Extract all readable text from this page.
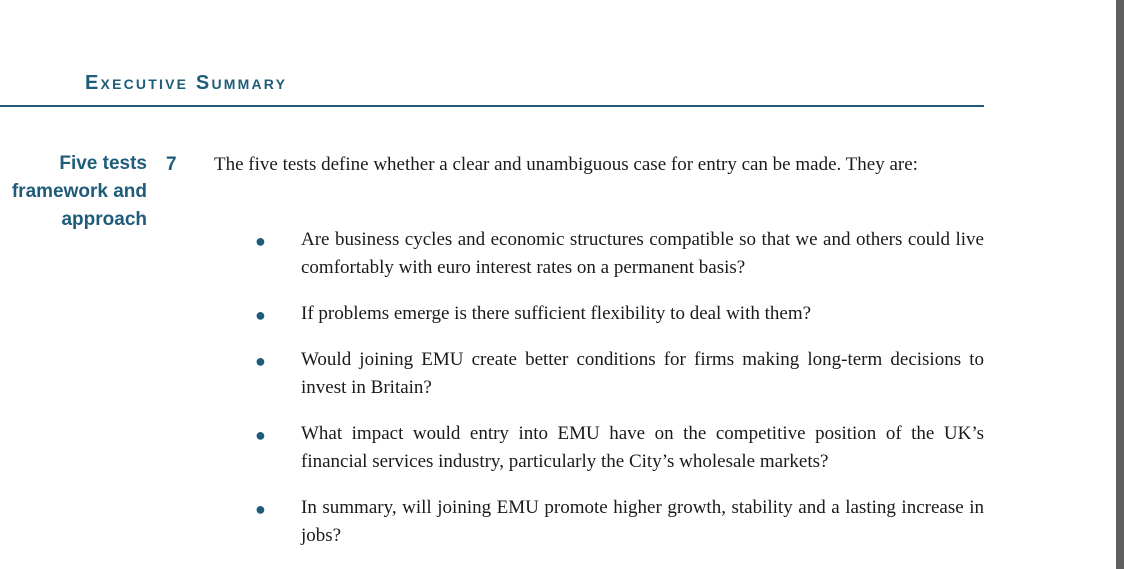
Executive Summary
Five tests
framework and
approach
7	The five tests define whether a clear and unambiguous case for entry can be made. They are:
● Are business cycles and economic structures compatible so that we and others could live comfortably with euro interest rates on a permanent basis?
● If problems emerge is there sufficient flexibility to deal with them?
● Would joining EMU create better conditions for firms making long-term decisions to invest in Britain?
● What impact would entry into EMU have on the competitive position of the UK’s financial services industry, particularly the City’s wholesale markets?
● In summary, will joining EMU promote higher growth, stability and a lasting increase in jobs?
